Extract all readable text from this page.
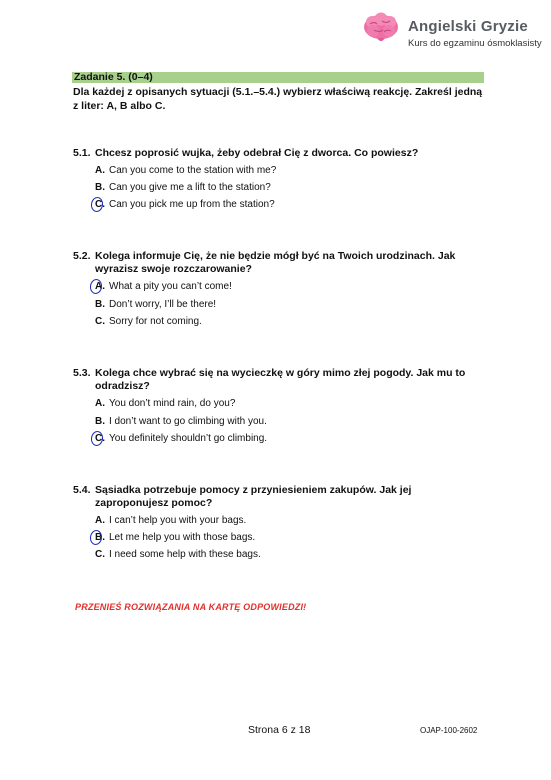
Angielski Gryzie
Kurs do egzaminu ósmoklasisty
Zadanie 5. (0–4)
Dla każdej z opisanych sytuacji (5.1.–5.4.) wybierz właściwą reakcję. Zakreśl jedną z liter: A, B albo C.
5.1. Chcesz poprosić wujka, żeby odebrał Cię z dworca. Co powiesz?
A. Can you come to the station with me?
B. Can you give me a lift to the station?
C. Can you pick me up from the station?
5.2. Kolega informuje Cię, że nie będzie mógł być na Twoich urodzinach. Jak wyrazisz swoje rozczarowanie?
A. What a pity you can’t come!
B. Don’t worry, I’ll be there!
C. Sorry for not coming.
5.3. Kolega chce wybrać się na wycieczkę w góry mimo złej pogody. Jak mu to odradzisz?
A. You don’t mind rain, do you?
B. I don’t want to go climbing with you.
C. You definitely shouldn’t go climbing.
5.4. Sąsiadka potrzebuje pomocy z przyniesieniem zakupów. Jak jej zaproponujesz pomoc?
A. I can’t help you with your bags.
B. Let me help you with those bags.
C. I need some help with these bags.
PRZENIEŚ ROZWIĄZANIA NA KARTĘ ODPOWIEDZI!
Strona 6 z 18	OJAP-100-2602
